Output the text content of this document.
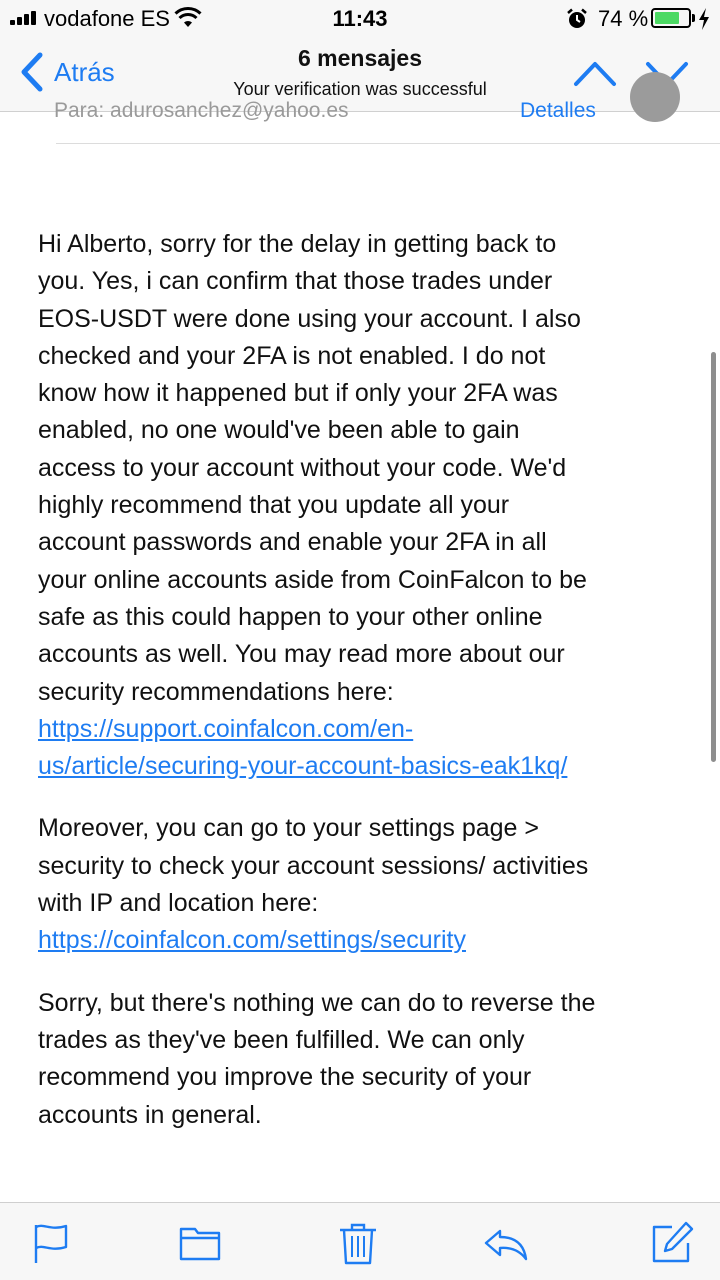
vodafone ES	11:43	74 %
Atrás	6 mensajes
Your verification was successful
Para: adurosanchez@yahoo.es	Detalles

Hi Alberto, sorry for the delay in getting back to you. Yes, i can confirm that those trades under EOS-USDT were done using your account. I also checked and your 2FA is not enabled. I do not know how it happened but if only your 2FA was enabled, no one would've been able to gain access to your account without your code. We'd highly recommend that you update all your account passwords and enable your 2FA in all your online accounts aside from CoinFalcon to be safe as this could happen to your other online accounts as well. You may read more about our security recommendations here: https://support.coinfalcon.com/en-us/article/securing-your-account-basics-eak1kq/

Moreover, you can go to your settings page > security to check your account sessions/ activities with IP and location here: https://coinfalcon.com/settings/security

Sorry, but there's nothing we can do to reverse the trades as they've been fulfilled. We can only recommend you improve the security of your accounts in general.
